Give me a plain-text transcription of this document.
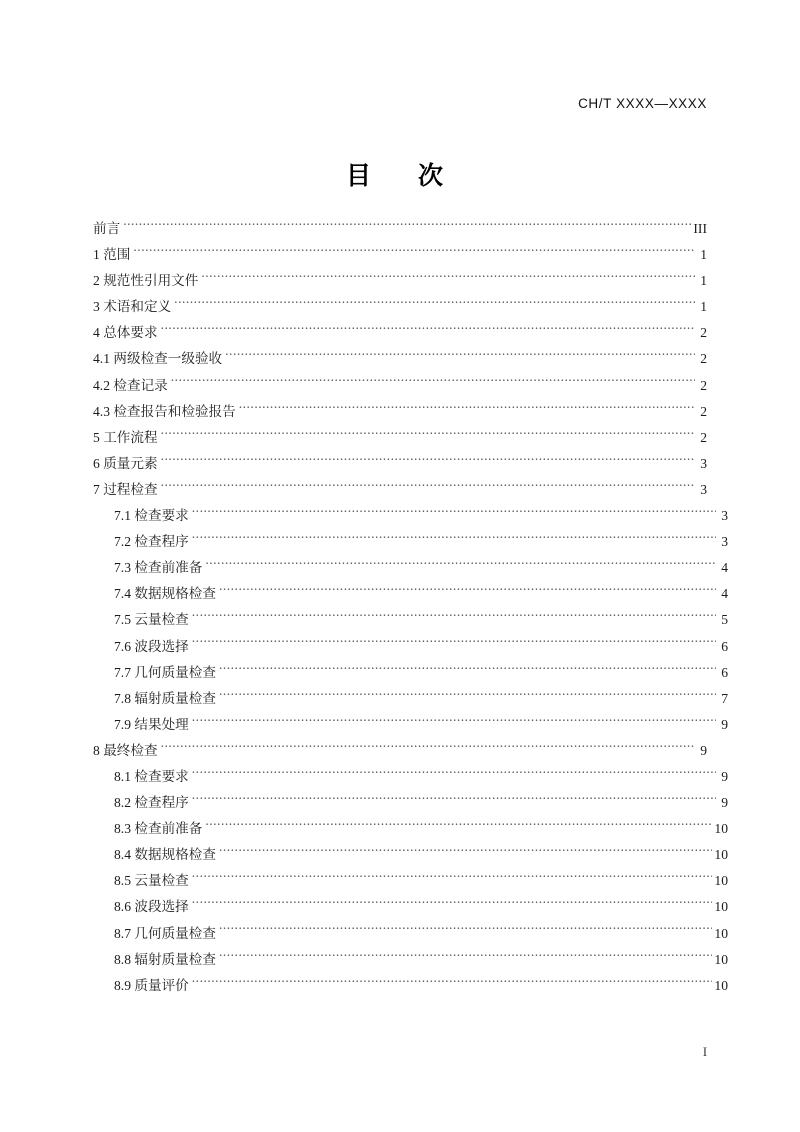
CH/T XXXX—XXXX
目　次
前言 .....	III
1 范围 .....	1
2 规范性引用文件 .....	1
3 术语和定义 .....	1
4 总体要求 .....	2
4.1 两级检查一级验收 .....	2
4.2 检查记录 .....	2
4.3 检查报告和检验报告 .....	2
5 工作流程 .....	2
6 质量元素 .....	3
7 过程检查 .....	3
7.1 检查要求 .....	3
7.2 检查程序 .....	3
7.3 检查前准备 .....	4
7.4 数据规格检查 .....	4
7.5 云量检查 .....	5
7.6 波段选择 .....	6
7.7 几何质量检查 .....	6
7.8 辐射质量检查 .....	7
7.9 结果处理 .....	9
8 最终检查 .....	9
8.1 检查要求 .....	9
8.2 检查程序 .....	9
8.3 检查前准备 .....	10
8.4 数据规格检查 .....	10
8.5 云量检查 .....	10
8.6 波段选择 .....	10
8.7 几何质量检查 .....	10
8.8 辐射质量检查 .....	10
8.9 质量评价 .....	10
I
